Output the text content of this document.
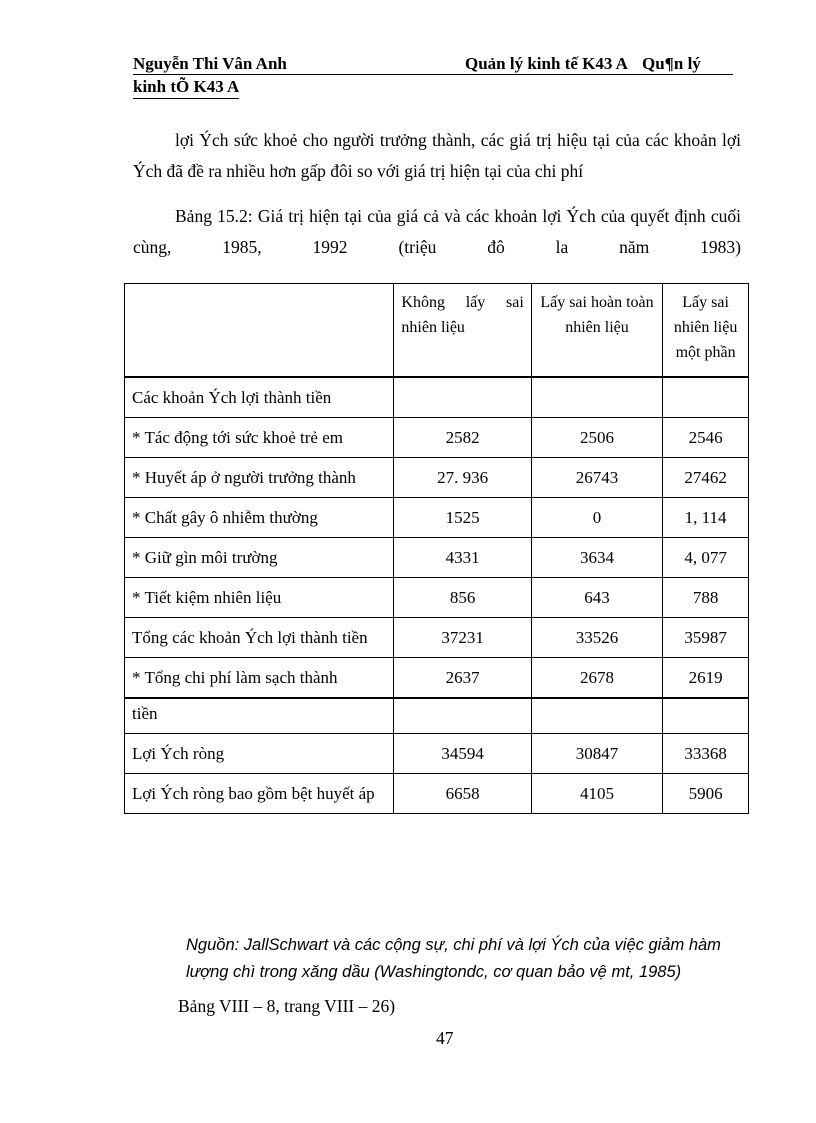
Nguyễn Thi Vân Anh	Quản lý kinh tế K43 A Qu¶n lý
kinh tÕ K43 A

lợi Ých sức khoẻ cho người trưởng thành, các giá trị hiệu tại của các khoản lợi Ých đã đề ra nhiều hơn gấp đôi so với giá trị hiện tại của chi phí

Bảng 15.2: Giá trị hiện tại của giá cả và các khoản lợi Ých của quyết định cuối cùng, 1985, 1992 (triệu đô la năm 1983)

	Không lấy sai nhiên liệu	Lấy sai hoàn toàn nhiên liệu	Lấy sai nhiên liệu một phần
Các khoản Ých lợi thành tiền			
* Tác động tới sức khoẻ trẻ em	2582	2506	2546
* Huyết áp ở người trưởng thành	27. 936	26743	27462
* Chất gây ô nhiễm thường	1525	0	1, 114
* Giữ gìn môi trường	4331	3634	4, 077
* Tiết kiệm nhiên liệu	856	643	788
Tổng các khoản Ých lợi thành tiền	37231	33526	35987
* Tổng chi phí làm sạch thành	2637	2678	2619
tiền			
Lợi Ých ròng	34594	30847	33368
Lợi Ých ròng bao gồm bệt huyết áp	6658	4105	5906
Nguồn: JallSchwart và các cộng sự, chi phí và lợi Ých của việc giảm hàm lượng chì trong xăng dầu (Washingtondc, cơ quan bảo vệ mt, 1985)
Bảng VIII – 8, trang VIII – 26)
47
